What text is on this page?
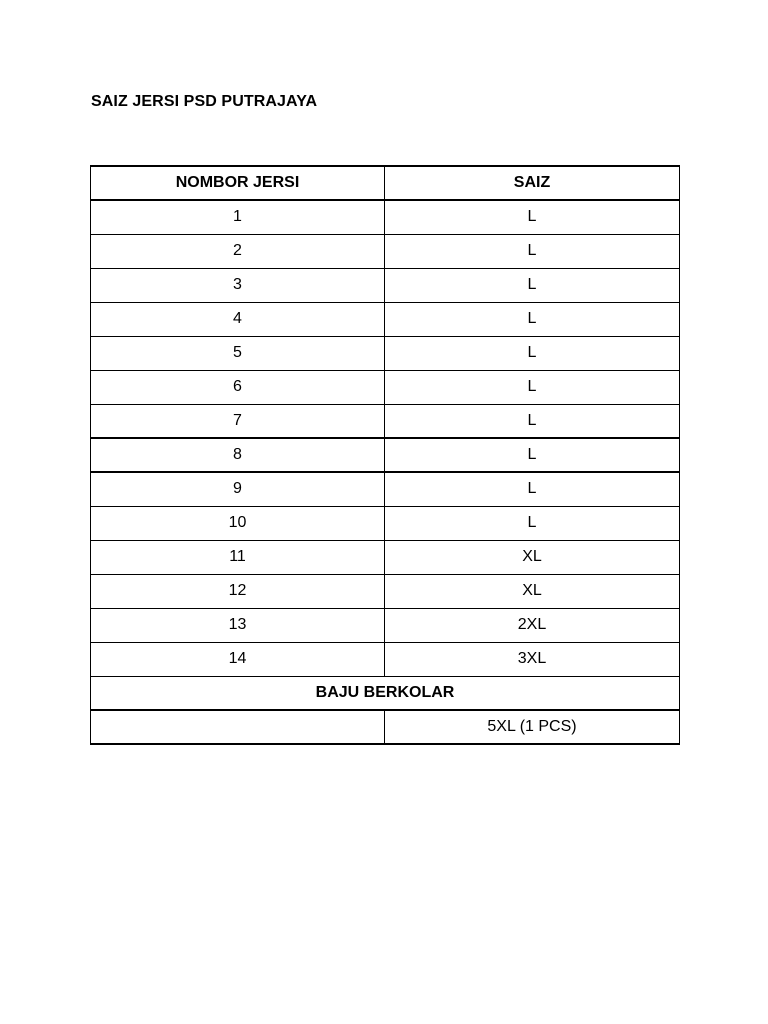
SAIZ JERSI PSD PUTRAJAYA
NOMBOR JERSI	SAIZ
1	L
2	L
3	L
4	L
5	L
6	L
7	L
8	L
9	L
10	L
11	XL
12	XL
13	2XL
14	3XL
BAJU BERKOLAR	
	5XL (1 PCS)
